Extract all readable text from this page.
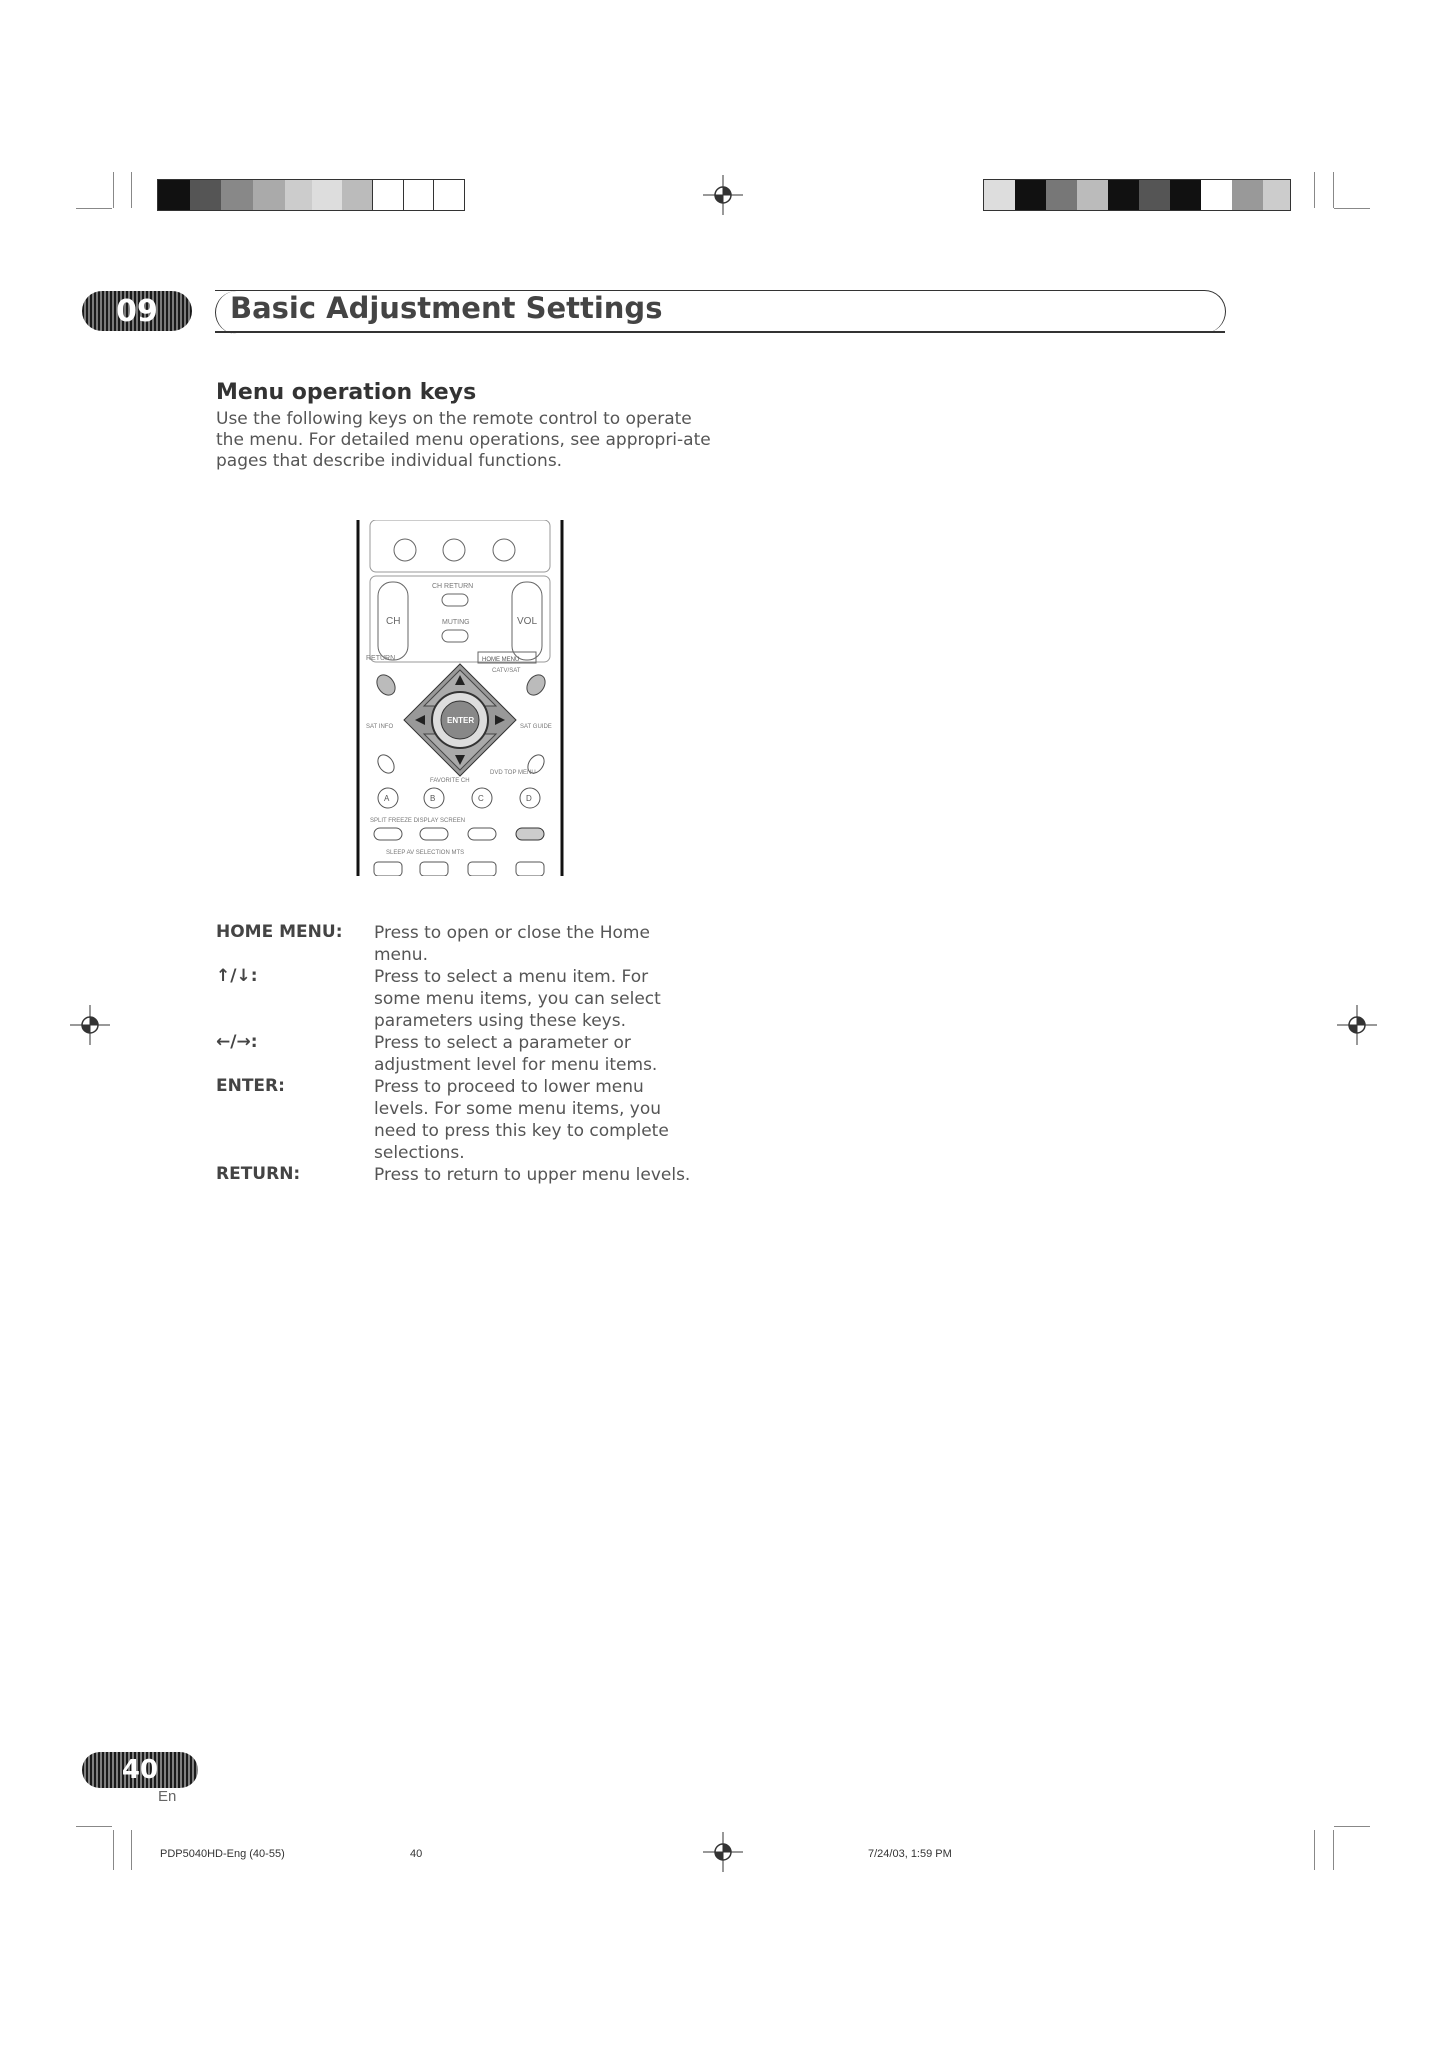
09	Basic Adjustment Settings
Menu operation keys
Use the following keys on the remote control to operate the menu. For detailed menu operations, see appropri-ate pages that describe individual functions.
CH	VOL
CH RETURN
MUTING
RETURN	HOME MENU
CATV/SAT
ENTER
SAT INFO	SAT GUIDE
DVD TOP MENU
FAVORITE CH
A	B	C	D
SPLIT FREEZE DISPLAY SCREEN
SLEEP AV SELECTION MTS
HOME MENU: Press to open or close the Home
menu.
↑/↓:	Press to select a menu item. For
some menu items, you can select
parameters using these keys.
←/→:	Press to select a parameter or
adjustment level for menu items.
ENTER:	Press to proceed to lower menu
levels. For some menu items, you
need to press this key to complete
selections.
RETURN:	Press to return to upper menu levels.
40
En
PDP5040HD-Eng (40-55)	40	7/24/03, 1:59 PM
